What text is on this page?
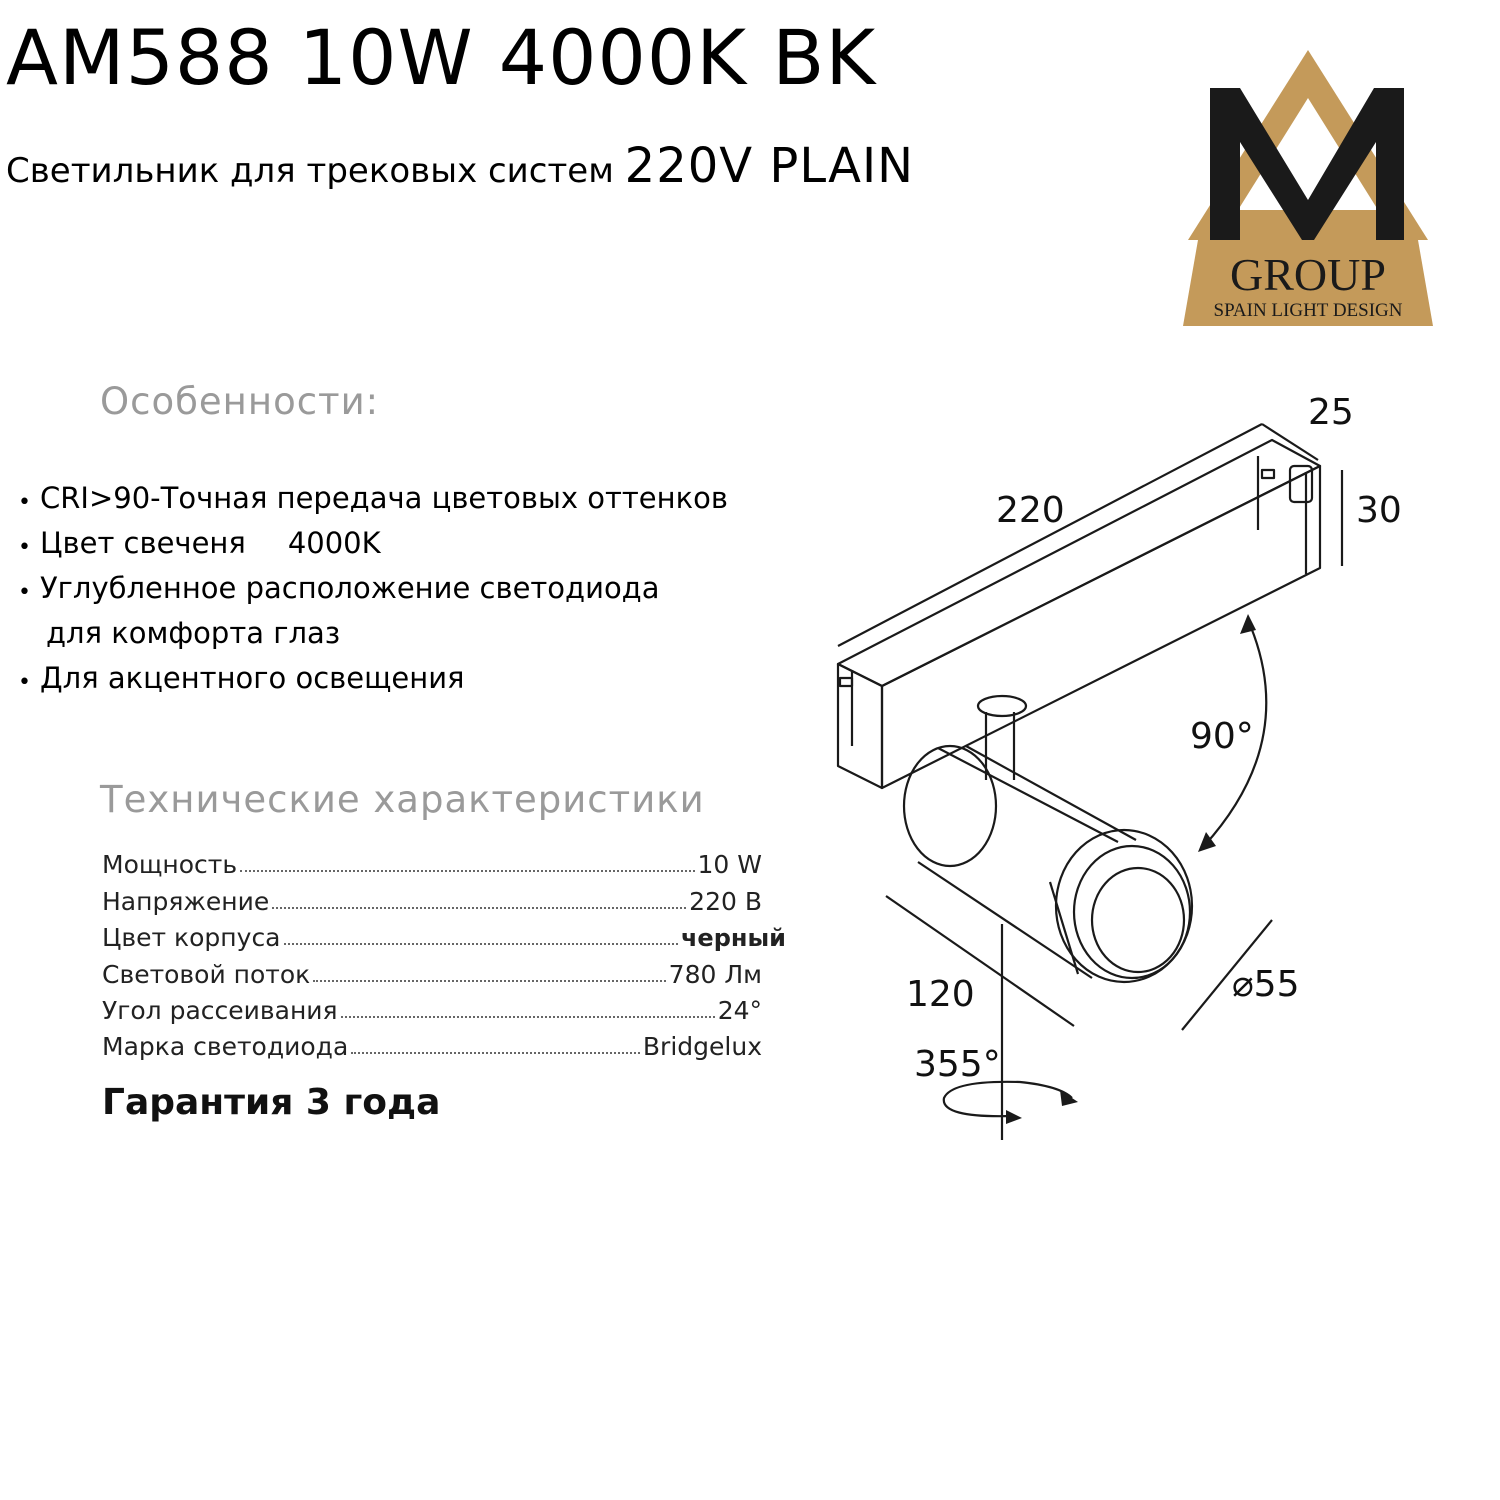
AM588 10W 4000K BK
Светильник для трековых систем 220V PLAIN
GROUP
SPAIN LIGHT DESIGN
Особенности:
• CRI>90-Точная передача цветовых оттенков
• Цвет свеченя 4000K
• Углубленное расположение светодиода
для комфорта глаз
• Для акцентного освещения
Технические характеристики
Мощность	10 W
Напряжение	220 В
Цвет корпуса	черный
Световой поток	780 Лм
Угол рассеивания	24°
Марка светодиода	Bridgelux
Гарантия 3 года
220
25
30
90°
120	⌀55
355°
